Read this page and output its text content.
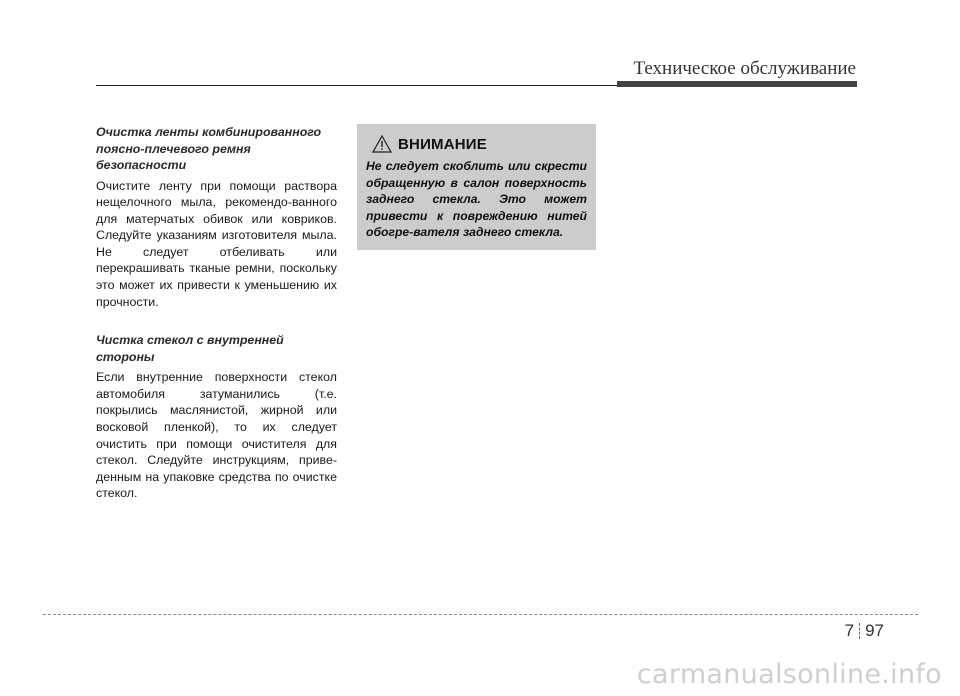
Техническое обслуживание

Очистка ленты комбинированного поясно-плечевого ремня безопасности

Очистите ленту при помощи раствора нещелочного мыла, рекомендо-ванного для матерчатых обивок или ковриков. Следуйте указаниям изготовителя мыла. Не следует отбеливать или перекрашивать тканые ремни, поскольку это может их привести к уменьшению их прочности.

Чистка стекол с внутренней стороны

Если внутренние поверхности стекол автомобиля затуманились (т.е. покрылись маслянистой, жирной или восковой пленкой), то их следует очистить при помощи очистителя для стекол. Следуйте инструкциям, приве-денным на упаковке средства по очистке стекол.

ВНИМАНИЕ

Не следует скоблить или скрести обращенную в салон поверхность заднего стекла. Это может привести к повреждению нитей обогре-вателя заднего стекла.

7 97
carmanualsonline.info
